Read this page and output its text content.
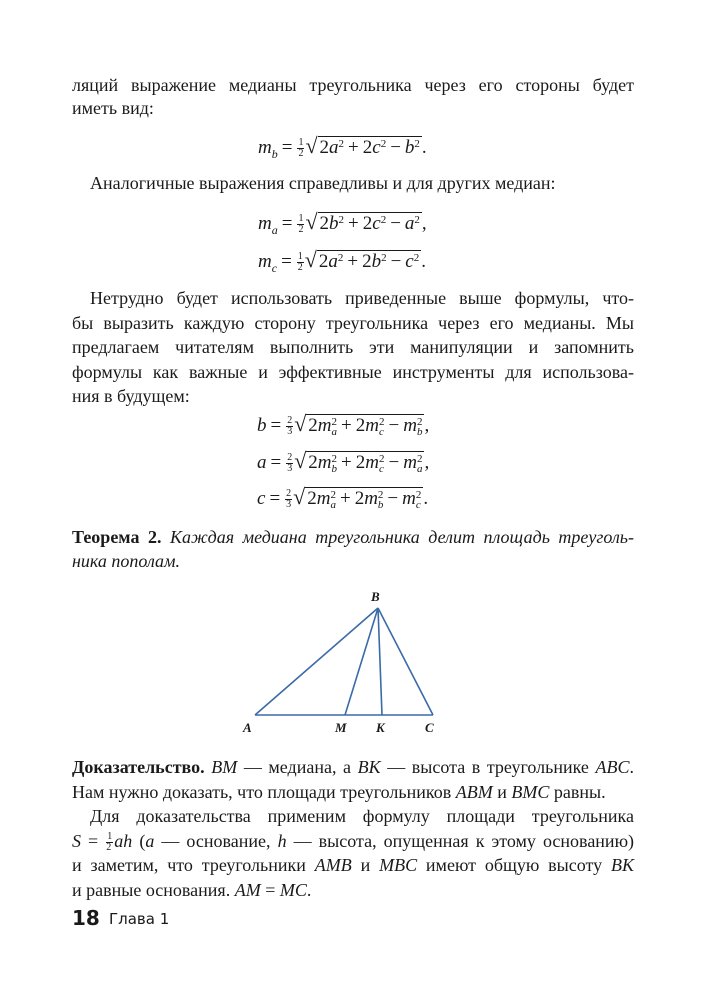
ляций выражение медианы треугольника через его стороны будет
иметь вид:
Аналогичные выражения справедливы и для других медиан:
Нетрудно будет использовать приведенные выше формулы, что-
бы выразить каждую сторону треугольника через его медианы. Мы
предлагаем читателям выполнить эти манипуляции и запомнить
формулы как важные и эффективные инструменты для использова-
ния в будущем:
Теорема 2. Каждая медиана треугольника делит площадь треуголь-
ника пополам.
Доказательство. BM — медиана, а BK — высота в треугольнике ABC.
Нам нужно доказать, что площади треугольников ABM и BMC равны.
Для доказательства применим формулу площади треугольника
$S = \frac{1}{2}$ ah (a — основание, h — высота, опущенная к этому основанию)
и заметим, что треугольники AMB и MBC имеют общую высоту BK
и равные основания. AM = MC.
$m_b = \frac{1}{2}$ √ 2a 2 + 2c 2 − b 2 .
$m_a = \frac{1}{2}$ √ 2b 2 + 2c 2 − a 2 ,
$m_c = \frac{1}{2}$ √ 2a 2 + 2b 2 − c 2 .
$b = \frac{2}{3}$ √ 2m 2
a + 2m 2
c − m 2
b ,
$a = \frac{2}{3}$ √ 2m 2
b + 2m 2
c − m 2
a ,
$c = \frac{2}{3}$ √ 2m 2
a + 2m 2
b − m 2
c .
B
A	M K	C
18 Глава 1
